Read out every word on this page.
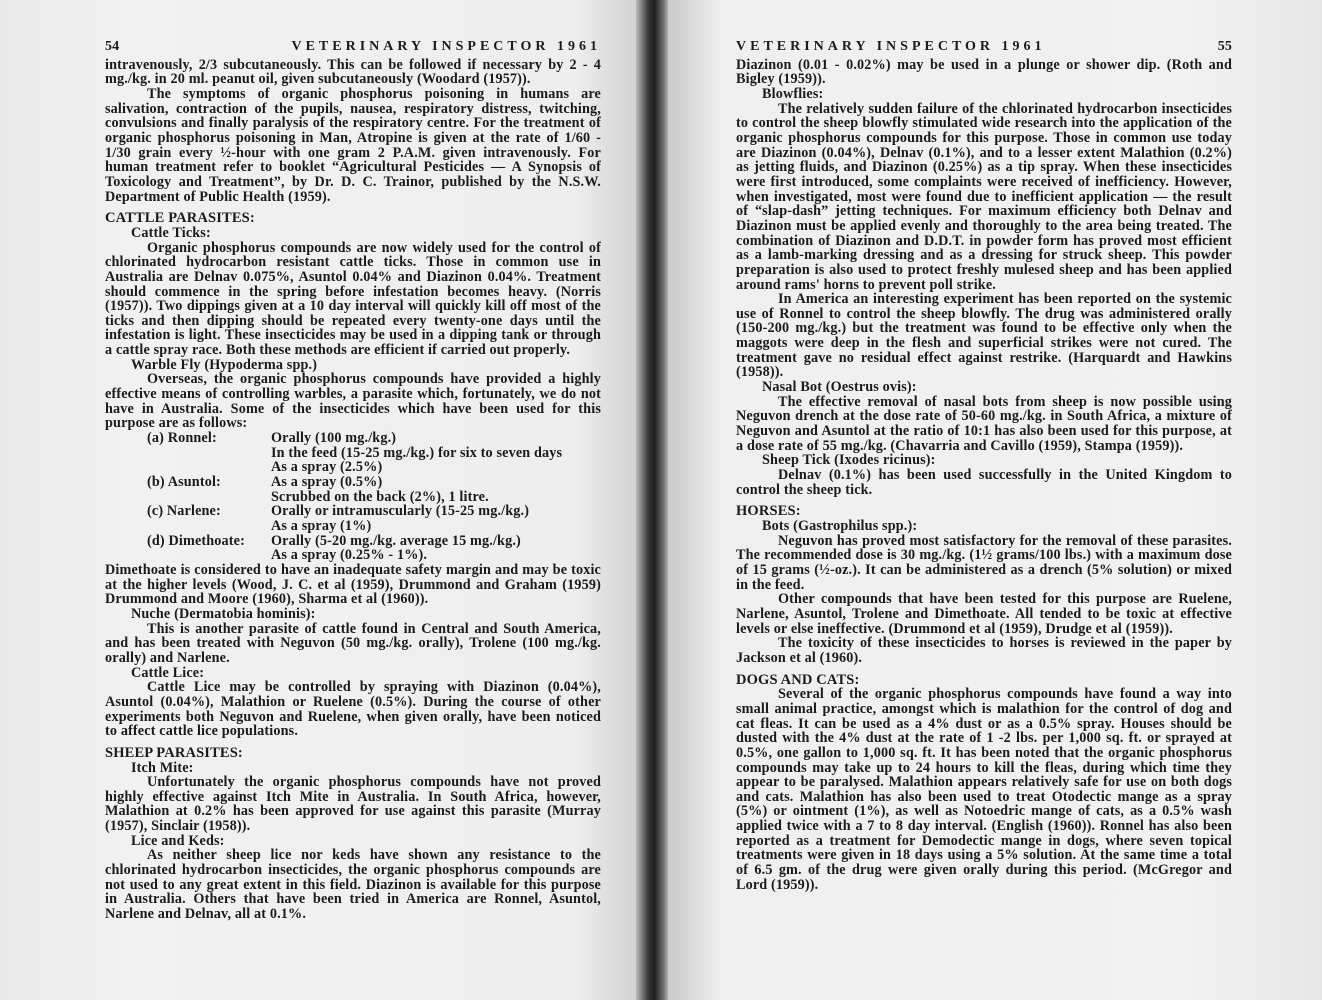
54	VETERINARY INSPECTOR 1961
intravenously, 2/3 subcutaneously. This can be followed if necessary by 2 - 4 mg./kg. in 20 ml. peanut oil, given subcutaneously (Woodard (1957)).
The symptoms of organic phosphorus poisoning in humans are salivation, contraction of the pupils, nausea, respiratory distress, twitching, convulsions and finally paralysis of the respiratory centre. For the treatment of organic phosphorus poisoning in Man, Atropine is given at the rate of 1/60 - 1/30 grain every ½-hour with one gram 2 P.A.M. given intravenously. For human treatment refer to booklet “Agricultural Pesticides — A Synopsis of Toxicology and Treatment”, by Dr. D. C. Trainor, published by the N.S.W. Department of Public Health (1959).
CATTLE PARASITES:
Cattle Ticks:
Organic phosphorus compounds are now widely used for the control of chlorinated hydrocarbon resistant cattle ticks. Those in common use in Australia are Delnav 0.075%, Asuntol 0.04% and Diazinon 0.04%. Treatment should commence in the spring before infestation becomes heavy. (Norris (1957)). Two dippings given at a 10 day interval will quickly kill off most of the ticks and then dipping should be repeated every twenty-one days until the infestation is light. These insecticides may be used in a dipping tank or through a cattle spray race. Both these methods are efficient if carried out properly.
Warble Fly (Hypoderma spp.)
Overseas, the organic phosphorus compounds have provided a highly effective means of controlling warbles, a parasite which, fortunately, we do not have in Australia. Some of the insecticides which have been used for this purpose are as follows:
(a) Ronnel:	Orally (100 mg./kg.)
In the feed (15-25 mg./kg.) for six to seven days
As a spray (2.5%)
(b) Asuntol:	As a spray (0.5%)
Scrubbed on the back (2%), 1 litre.
(c) Narlene:	Orally or intramuscularly (15-25 mg./kg.)
As a spray (1%)
(d) Dimethoate:	Orally (5-20 mg./kg. average 15 mg./kg.)
As a spray (0.25% - 1%).
Dimethoate is considered to have an inadequate safety margin and may be toxic at the higher levels (Wood, J. C. et al (1959), Drummond and Graham (1959) Drummond and Moore (1960), Sharma et al (1960)).
Nuche (Dermatobia hominis):
This is another parasite of cattle found in Central and South America, and has been treated with Neguvon (50 mg./kg. orally), Trolene (100 mg./kg. orally) and Narlene.
Cattle Lice:
Cattle Lice may be controlled by spraying with Diazinon (0.04%), Asuntol (0.04%), Malathion or Ruelene (0.5%). During the course of other experiments both Neguvon and Ruelene, when given orally, have been noticed to affect cattle lice populations.
SHEEP PARASITES:
Itch Mite:
Unfortunately the organic phosphorus compounds have not proved highly effective against Itch Mite in Australia. In South Africa, however, Malathion at 0.2% has been approved for use against this parasite (Murray (1957), Sinclair (1958)).
Lice and Keds:
As neither sheep lice nor keds have shown any resistance to the chlorinated hydrocarbon insecticides, the organic phosphorus compounds are not used to any great extent in this field. Diazinon is available for this purpose in Australia. Others that have been tried in America are Ronnel, Asuntol, Narlene and Delnav, all at 0.1%.
VETERINARY INSPECTOR 1961	55
Diazinon (0.01 - 0.02%) may be used in a plunge or shower dip. (Roth and Bigley (1959)).
Blowflies:
The relatively sudden failure of the chlorinated hydrocarbon insecticides to control the sheep blowfly stimulated wide research into the application of the organic phosphorus compounds for this purpose. Those in common use today are Diazinon (0.04%), Delnav (0.1%), and to a lesser extent Malathion (0.2%) as jetting fluids, and Diazinon (0.25%) as a tip spray. When these insecticides were first introduced, some complaints were received of inefficiency. However, when investigated, most were found due to inefficient application — the result of “slap-dash” jetting techniques. For maximum efficiency both Delnav and Diazinon must be applied evenly and thoroughly to the area being treated. The combination of Diazinon and D.D.T. in powder form has proved most efficient as a lamb-marking dressing and as a dressing for struck sheep. This powder preparation is also used to protect freshly mulesed sheep and has been applied around rams' horns to prevent poll strike.
In America an interesting experiment has been reported on the systemic use of Ronnel to control the sheep blowfly. The drug was administered orally (150-200 mg./kg.) but the treatment was found to be effective only when the maggots were deep in the flesh and superficial strikes were not cured. The treatment gave no residual effect against restrike. (Harquardt and Hawkins (1958)).
Nasal Bot (Oestrus ovis):
The effective removal of nasal bots from sheep is now possible using Neguvon drench at the dose rate of 50-60 mg./kg. in South Africa, a mixture of Neguvon and Asuntol at the ratio of 10:1 has also been used for this purpose, at a dose rate of 55 mg./kg. (Chavarria and Cavillo (1959), Stampa (1959)).
Sheep Tick (Ixodes ricinus):
Delnav (0.1%) has been used successfully in the United Kingdom to control the sheep tick.
HORSES:
Bots (Gastrophilus spp.):
Neguvon has proved most satisfactory for the removal of these parasites. The recommended dose is 30 mg./kg. (1½ grams/100 lbs.) with a maximum dose of 15 grams (½-oz.). It can be administered as a drench (5% solution) or mixed in the feed.
Other compounds that have been tested for this purpose are Ruelene, Narlene, Asuntol, Trolene and Dimethoate. All tended to be toxic at effective levels or else ineffective. (Drummond et al (1959), Drudge et al (1959)).
The toxicity of these insecticides to horses is reviewed in the paper by Jackson et al (1960).
DOGS AND CATS:
Several of the organic phosphorus compounds have found a way into small animal practice, amongst which is malathion for the control of dog and cat fleas. It can be used as a 4% dust or as a 0.5% spray. Houses should be dusted with the 4% dust at the rate of 1 -2 lbs. per 1,000 sq. ft. or sprayed at 0.5%, one gallon to 1,000 sq. ft. It has been noted that the organic phosphorus compounds may take up to 24 hours to kill the fleas, during which time they appear to be paralysed. Malathion appears relatively safe for use on both dogs and cats. Malathion has also been used to treat Otodectic mange as a spray (5%) or ointment (1%), as well as Notoedric mange of cats, as a 0.5% wash applied twice with a 7 to 8 day interval. (English (1960)). Ronnel has also been reported as a treatment for Demodectic mange in dogs, where seven topical treatments were given in 18 days using a 5% solution. At the same time a total of 6.5 gm. of the drug were given orally during this period. (McGregor and Lord (1959)).
